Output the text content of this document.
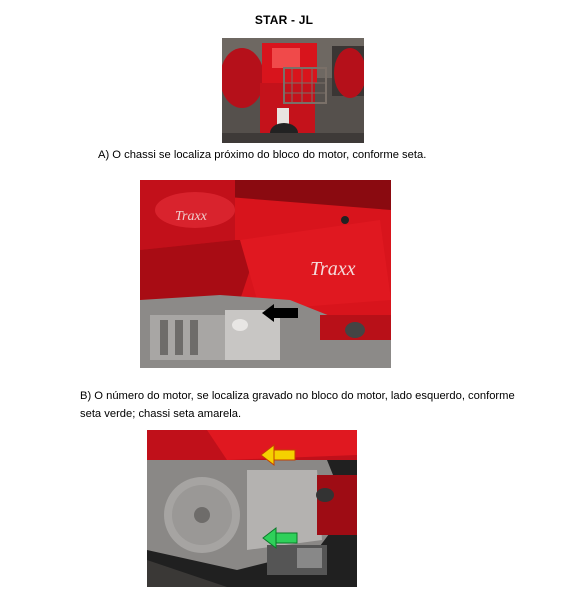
STAR - JL
A) O chassi se localiza próximo do bloco do motor, conforme seta.
Traxx
Traxx
B) O número do motor, se localiza gravado no bloco do motor, lado esquerdo, conforme
seta verde; chassi seta amarela.
